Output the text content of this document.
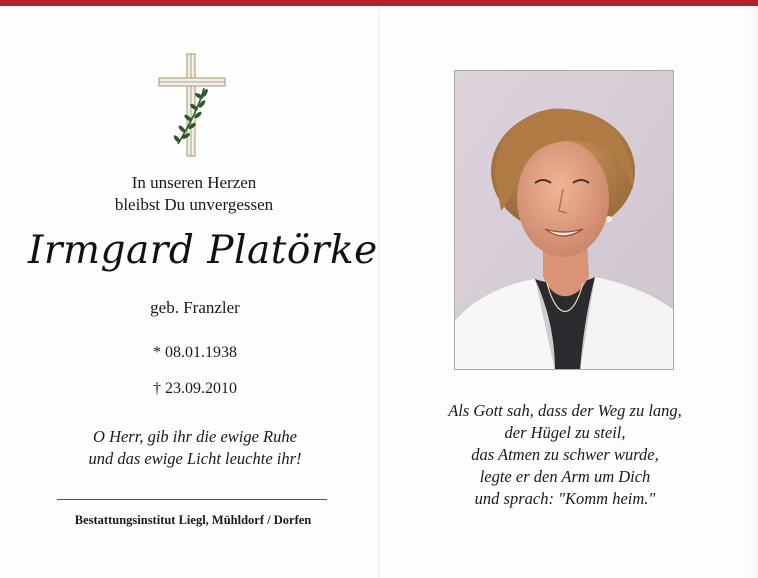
In unseren Herzen
bleibst Du unvergessen
Irmgard Platörke
geb. Franzler
* 08.01.1938
† 23.09.2010
O Herr, gib ihr die ewige Ruhe
und das ewige Licht leuchte ihr!
Bestattungsinstitut Liegl, Mühldorf / Dorfen
Als Gott sah, dass der Weg zu lang,
der Hügel zu steil,
das Atmen zu schwer wurde,
legte er den Arm um Dich
und sprach: "Komm heim."
